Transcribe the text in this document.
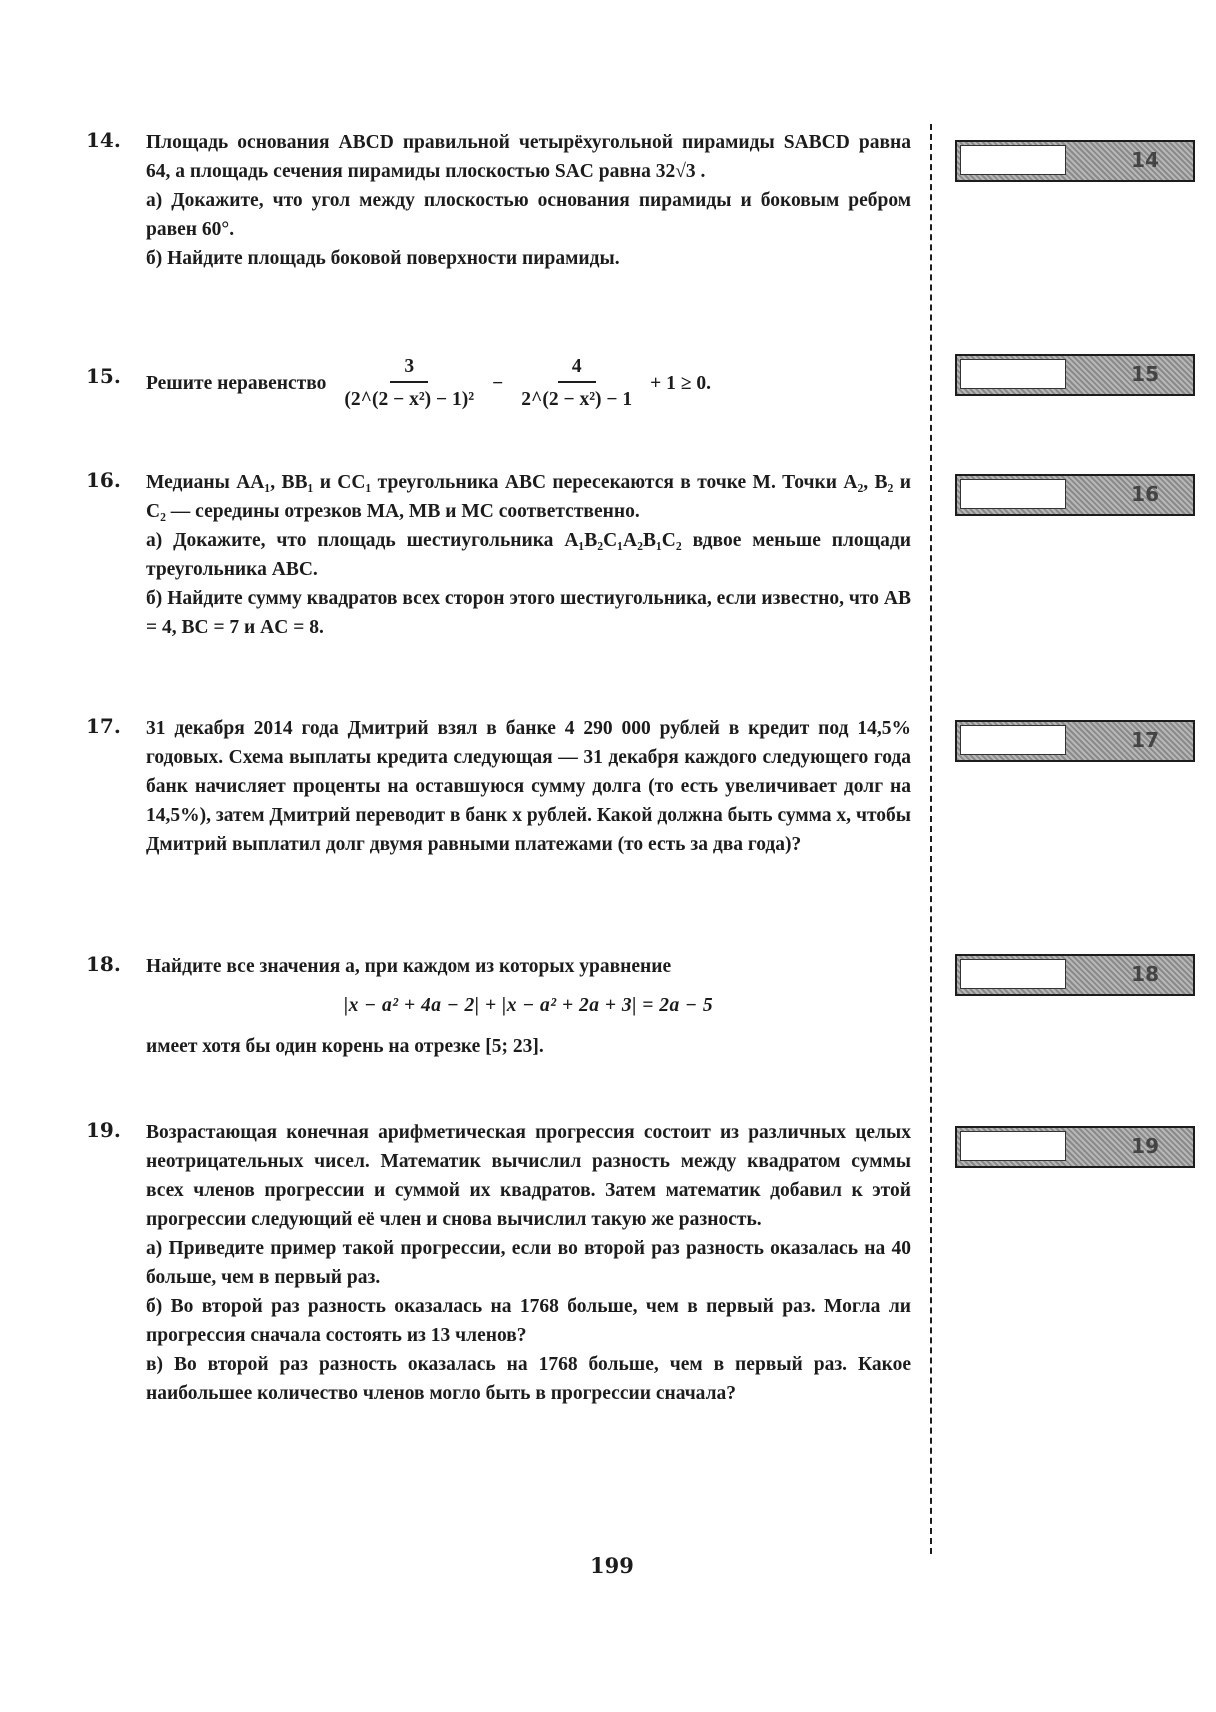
14. Площадь основания ABCD правильной четырёхугольной пирамиды SABCD равна 64, а площадь сечения пирамиды плоскостью SAC равна 32√3 .

а) Докажите, что угол между плоскостью основания пирамиды и боковым ребром равен 60°.

б) Найдите площадь боковой поверхности пирамиды.

15. Решите неравенство $\frac{3}{\text{(2\textasciicircum{}(2 − x²) − 1)²}} - \frac{4}{\text{2\textasciicircum{}(2 − x²) − 1}} + 1 \ge 0$.
16. Медианы AA₁, BB₁ и CC₁ треугольника ABC пересекаются в точке M. Точки A₂, B₂ и C₂ — середины отрезков MA, MB и MC соответственно.

а) Докажите, что площадь шестиугольника A₁B₂C₁A₂B₁C₂ вдвое меньше площади треугольника ABC.

б) Найдите сумму квадратов всех сторон этого шестиугольника, если известно, что AB = 4, BC = 7 и AC = 8.

17. 31 декабря 2014 года Дмитрий взял в банке 4 290 000 рублей в кредит под 14,5% годовых. Схема выплаты кредита следующая — 31 декабря каждого следующего года банк начисляет проценты на оставшуюся сумму долга (то есть увеличивает долг на 14,5%), затем Дмитрий переводит в банк x рублей. Какой должна быть сумма x, чтобы Дмитрий выплатил долг двумя равными платежами (то есть за два года)?

18. Найдите все значения a, при каждом из которых уравнение

|x − a² + 4a − 2| + |x − a² + 2a + 3| = 2a − 5

имеет хотя бы один корень на отрезке [5; 23].

19. Возрастающая конечная арифметическая прогрессия состоит из различных целых неотрицательных чисел. Математик вычислил разность между квадратом суммы всех членов прогрессии и суммой их квадратов. Затем математик добавил к этой прогрессии следующий её член и снова вычислил такую же разность.

а) Приведите пример такой прогрессии, если во второй раз разность оказалась на 40 больше, чем в первый раз.

б) Во второй раз разность оказалась на 1768 больше, чем в первый раз. Могла ли прогрессия сначала состоять из 13 членов?

в) Во второй раз разность оказалась на 1768 больше, чем в первый раз. Какое наибольшее количество членов могло быть в прогрессии сначала?

14
15
16
17
18
19
199
